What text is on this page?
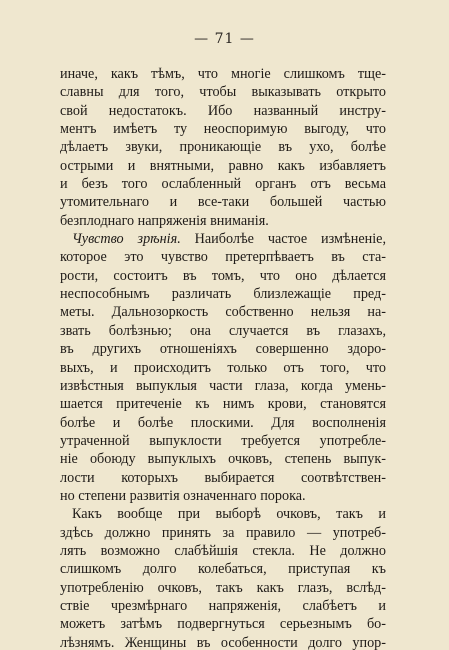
— 71 —
иначе, какъ тѣмъ, что многіе слишкомъ тще-
славны для того, чтобы выказывать открыто
свой недостатокъ. Ибо названный инстру-
ментъ имѣетъ ту неоспоримую выгоду, что
дѣлаетъ звуки, проникающіе въ ухо, болѣе
острыми и внятными, равно какъ избавляетъ
и безъ того ослабленный органъ отъ весьма
утомительнаго и все-таки большей частью
безплоднаго напряженія вниманія.
Чувство зрѣнія. Наиболѣе частое измѣненіе,
которое это чувство претерпѣваетъ въ ста-
рости, состоитъ въ томъ, что оно дѣлается
неспособнымъ различать близлежащіе пред-
меты. Дальнозоркость собственно нельзя на-
звать болѣзнью; она случается въ глазахъ,
въ другихъ отношеніяхъ совершенно здоро-
выхъ, и происходитъ только отъ того, что
извѣстныя выпуклыя части глаза, когда умень-
шается притеченіе къ нимъ крови, становятся
болѣе и болѣе плоскими. Для восполненія
утраченной выпуклости требуется употребле-
ніе обоюду выпуклыхъ очковъ, степень выпук-
лости которыхъ выбирается соотвѣтствен-
но степени развитія означеннаго порока.
Какъ вообще при выборѣ очковъ, такъ и
здѣсь должно принять за правило — употреб-
лять возможно слабѣйшія стекла. Не должно
слишкомъ долго колебаться, приступая къ
употребленію очковъ, такъ какъ глазъ, вслѣд-
ствіе чрезмѣрнаго напряженія, слабѣетъ и
можетъ затѣмъ подвергнуться серьезнымъ бо-
лѣзнямъ. Женщины въ особенности долго упор-
